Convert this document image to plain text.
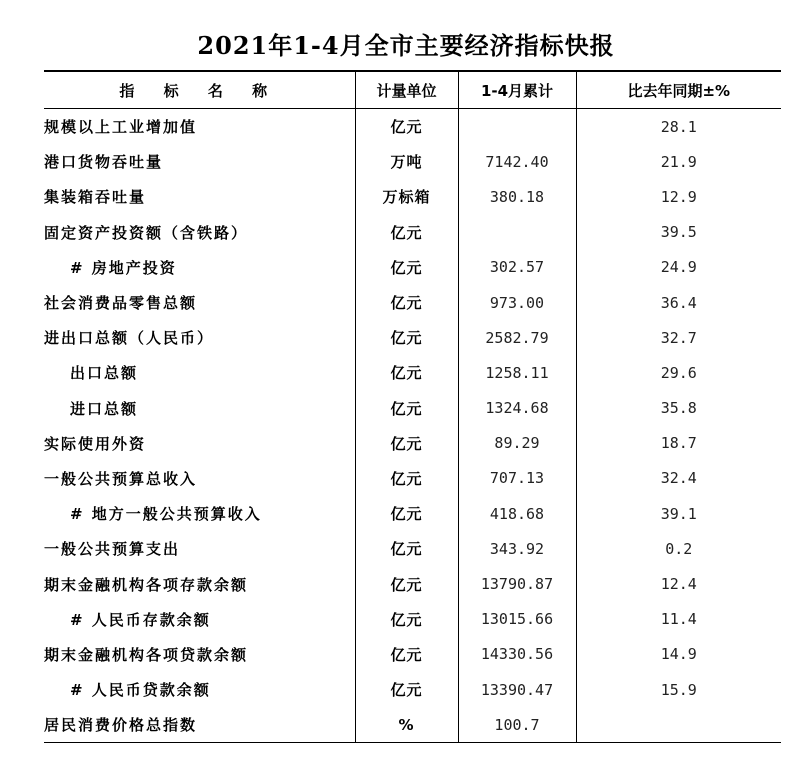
2021年1-4月全市主要经济指标快报
指 标 名 称	计量单位	1-4月累计	比去年同期±%
规模以上工业增加值	亿元		28.1
港口货物吞吐量	万吨	7142.40	21.9
集装箱吞吐量	万标箱	380.18	12.9
固定资产投资额（含铁路）	亿元		39.5
# 房地产投资	亿元	302.57	24.9
社会消费品零售总额	亿元	973.00	36.4
进出口总额（人民币）	亿元	2582.79	32.7
出口总额	亿元	1258.11	29.6
进口总额	亿元	1324.68	35.8
实际使用外资	亿元	89.29	18.7
一般公共预算总收入	亿元	707.13	32.4
# 地方一般公共预算收入	亿元	418.68	39.1
一般公共预算支出	亿元	343.92	0.2
期末金融机构各项存款余额	亿元	13790.87	12.4
# 人民币存款余额	亿元	13015.66	11.4
期末金融机构各项贷款余额	亿元	14330.56	14.9
# 人民币贷款余额	亿元	13390.47	15.9
居民消费价格总指数	%	100.7	
